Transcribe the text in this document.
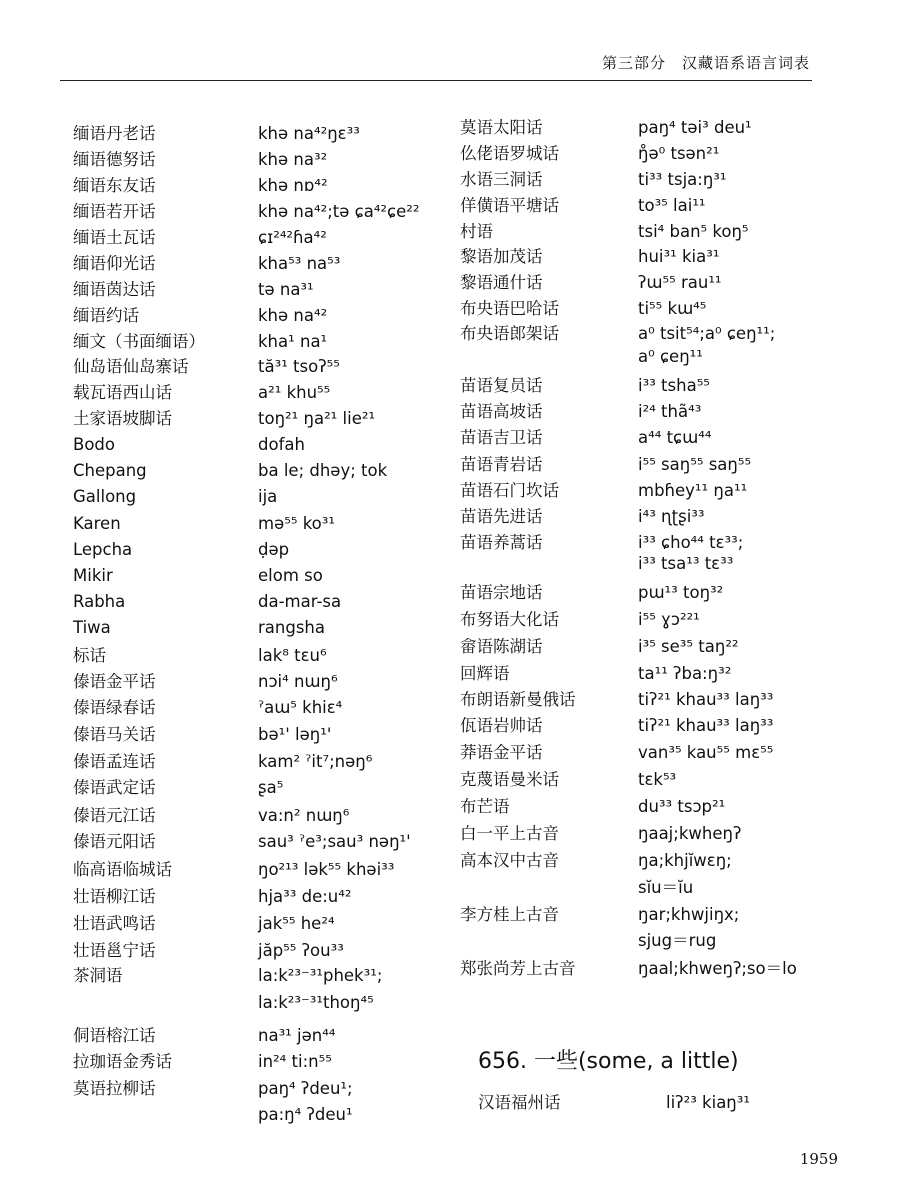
第三部分　汉藏语系语言词表
缅语丹老话	khə na⁴²ŋɛ³³
缅语德努话	khə na³²
缅语东友话	khə nɒ⁴²
缅语若开话	khə na⁴²;tə ɕa⁴²ɕe²²
缅语土瓦话	ɕɪ²⁴²ɦa⁴²
缅语仰光话	kha⁵³ na⁵³
缅语茵达话	tə na³¹
缅语约话	khə na⁴²
缅文（书面缅语）	kha¹ na¹
仙岛语仙岛寨话	tă³¹ tsoʔ⁵⁵
载瓦语西山话	a²¹ khu⁵⁵
土家语坡脚话	toŋ²¹ ŋa²¹ lie²¹
Bodo	dofah
Chepang	ba le; dhəy; tok
Gallong	ija
Karen	mə⁵⁵ ko³¹
Lepcha	ḍəp
Mikir	elom so
Rabha	da-mar-sa
Tiwa	rangsha
标话	lak⁸ tɛu⁶
傣语金平话	nɔi⁴ nɯŋ⁶
傣语绿春话	ˀaɯ⁵ khiɛ⁴
傣语马关话	bə¹' ləŋ¹'
傣语孟连话	kam² ˀit⁷;nəŋ⁶
傣语武定话	ʂa⁵
傣语元江话	va:n² nɯŋ⁶
傣语元阳话	sau³ ˀe³;sau³ nəŋ¹'
临高语临城话	ŋo²¹³ lək⁵⁵ khəi³³
壮语柳江话	hja³³ de:u⁴²
壮语武鸣话	jak⁵⁵ he²⁴
壮语邕宁话	jăp⁵⁵ ʔou³³
茶洞语	la:k²³⁻³¹phek³¹;
la:k²³⁻³¹thoŋ⁴⁵
侗语榕江话	na³¹ jən⁴⁴
拉珈语金秀话	in²⁴ ti:n⁵⁵
莫语拉柳话	paŋ⁴ ʔdeu¹;
pa:ŋ⁴ ʔdeu¹
莫语太阳话	paŋ⁴ təi³ deu¹
仫佬语罗城话	ŋ̊ə⁰ tsən²¹
水语三洞话	ti³³ tsja:ŋ³¹
佯僙语平塘话	to³⁵ lai¹¹
村语	tsi⁴ ban⁵ koŋ⁵
黎语加茂话	hui³¹ kia³¹
黎语通什话	ʔɯ⁵⁵ rau¹¹
布央语巴哈话	ti⁵⁵ kɯ⁴⁵
布央语郎架话	a⁰ tsit⁵⁴;a⁰ ɕeŋ¹¹;
a⁰ ɕeŋ¹¹
苗语复员话	i³³ tsha⁵⁵
苗语高坡话	i²⁴ thã⁴³
苗语吉卫话	a⁴⁴ tɕɯ⁴⁴
苗语青岩话	i⁵⁵ saŋ⁵⁵ saŋ⁵⁵
苗语石门坎话	mbɦey¹¹ ŋa¹¹
苗语先进话	i⁴³ ɳʈʂi³³
苗语养蒿话	i³³ ɕho⁴⁴ tɛ³³;
i³³ tsa¹³ tɛ³³
苗语宗地话	pɯ¹³ toŋ³²
布努语大化话	i⁵⁵ ɣɔ²²¹
畲语陈湖话	i³⁵ se³⁵ taŋ²²
回辉语	ta¹¹ ʔba:ŋ³²
布朗语新曼俄话	tiʔ²¹ khau³³ laŋ³³
佤语岩帅话	tiʔ²¹ khau³³ laŋ³³
莽语金平话	van³⁵ kau⁵⁵ mɛ⁵⁵
克蔑语曼米话	tɛk⁵³
布芒语	du³³ tsɔp²¹
白一平上古音	ŋaaj;kwheŋʔ
高本汉中古音	ŋa;khjĭwɛŋ;
sĭu＝ĭu
李方桂上古音	ŋar;khwjiŋx;
sjug＝rug
郑张尚芳上古音	ŋaal;khweŋʔ;so＝lo
656. 一些(some, a little)
汉语福州话	liʔ²³ kiaŋ³¹
1959
